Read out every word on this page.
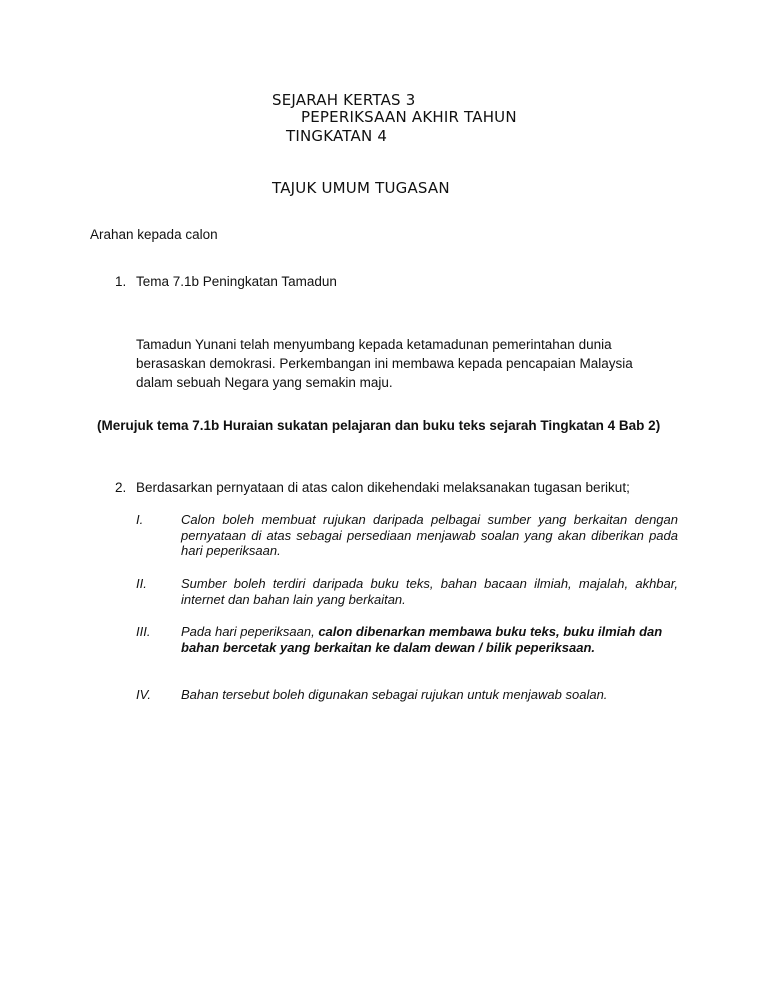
SEJARAH KERTAS 3
PEPERIKSAAN AKHIR TAHUN
TINGKATAN 4
TAJUK UMUM TUGASAN
Arahan kepada calon
1. Tema 7.1b Peningkatan Tamadun
Tamadun Yunani telah menyumbang kepada ketamadunan pemerintahan dunia berasaskan demokrasi. Perkembangan ini membawa kepada pencapaian Malaysia dalam sebuah Negara yang semakin maju.
(Merujuk tema 7.1b Huraian sukatan pelajaran dan buku teks sejarah Tingkatan 4 Bab 2)
2. Berdasarkan pernyataan di atas calon dikehendaki melaksanakan tugasan berikut;
I.	Calon boleh membuat rujukan daripada pelbagai sumber yang berkaitan dengan pernyataan di atas sebagai persediaan menjawab soalan yang akan diberikan pada hari peperiksaan.
II.	Sumber boleh terdiri daripada buku teks, bahan bacaan ilmiah, majalah, akhbar, internet dan bahan lain yang berkaitan.
III. Pada hari peperiksaan, calon dibenarkan membawa buku teks, buku ilmiah dan bahan bercetak yang berkaitan ke dalam dewan / bilik peperiksaan.
IV. Bahan tersebut boleh digunakan sebagai rujukan untuk menjawab soalan.
